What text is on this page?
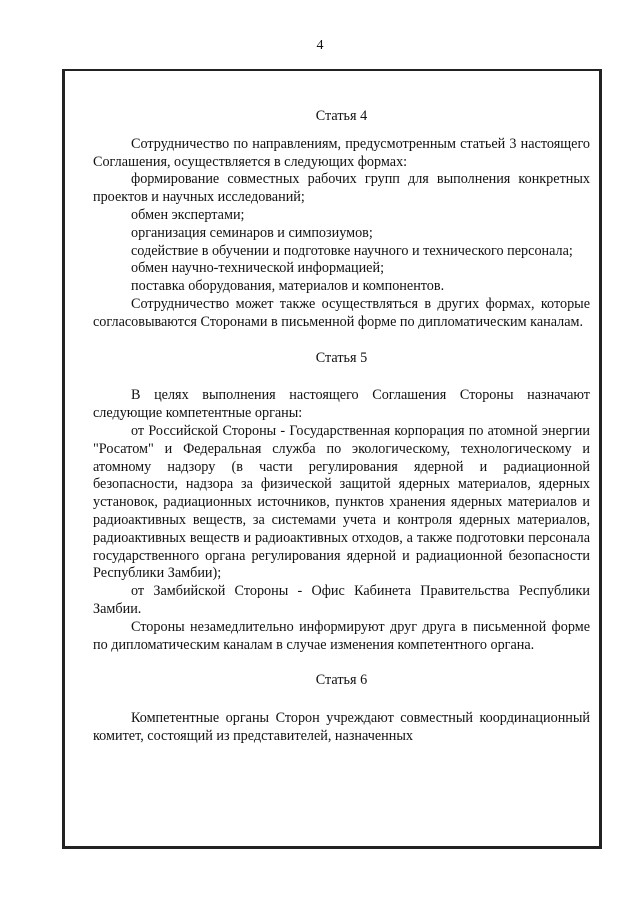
4
Статья 4

Сотрудничество по направлениям, предусмотренным статьей 3 настоящего Соглашения, осуществляется в следующих формах:

формирование совместных рабочих групп для выполнения конкретных проектов и научных исследований;

обмен экспертами;

организация семинаров и симпозиумов;

содействие в обучении и подготовке научного и технического персонала;

обмен научно-технической информацией;

поставка оборудования, материалов и компонентов.

Сотрудничество может также осуществляться в других формах, которые согласовываются Сторонами в письменной форме по дипломатическим каналам.

Статья 5

В целях выполнения настоящего Соглашения Стороны назначают следующие компетентные органы:

от Российской Стороны - Государственная корпорация по атомной энергии "Росатом" и Федеральная служба по экологическому, технологическому и атомному надзору (в части регулирования ядерной и радиационной безопасности, надзора за физической защитой ядерных материалов, ядерных установок, радиационных источников, пунктов хранения ядерных материалов и радиоактивных веществ, за системами учета и контроля ядерных материалов, радиоактивных веществ и радиоактивных отходов, а также подготовки персонала государственного органа регулирования ядерной и радиационной безопасности Республики Замбии);

от Замбийской Стороны - Офис Кабинета Правительства Республики Замбии.

Стороны незамедлительно информируют друг друга в письменной форме по дипломатическим каналам в случае изменения компетентного органа.

Статья 6

Компетентные органы Сторон учреждают совместный координационный комитет, состоящий из представителей, назначенных
